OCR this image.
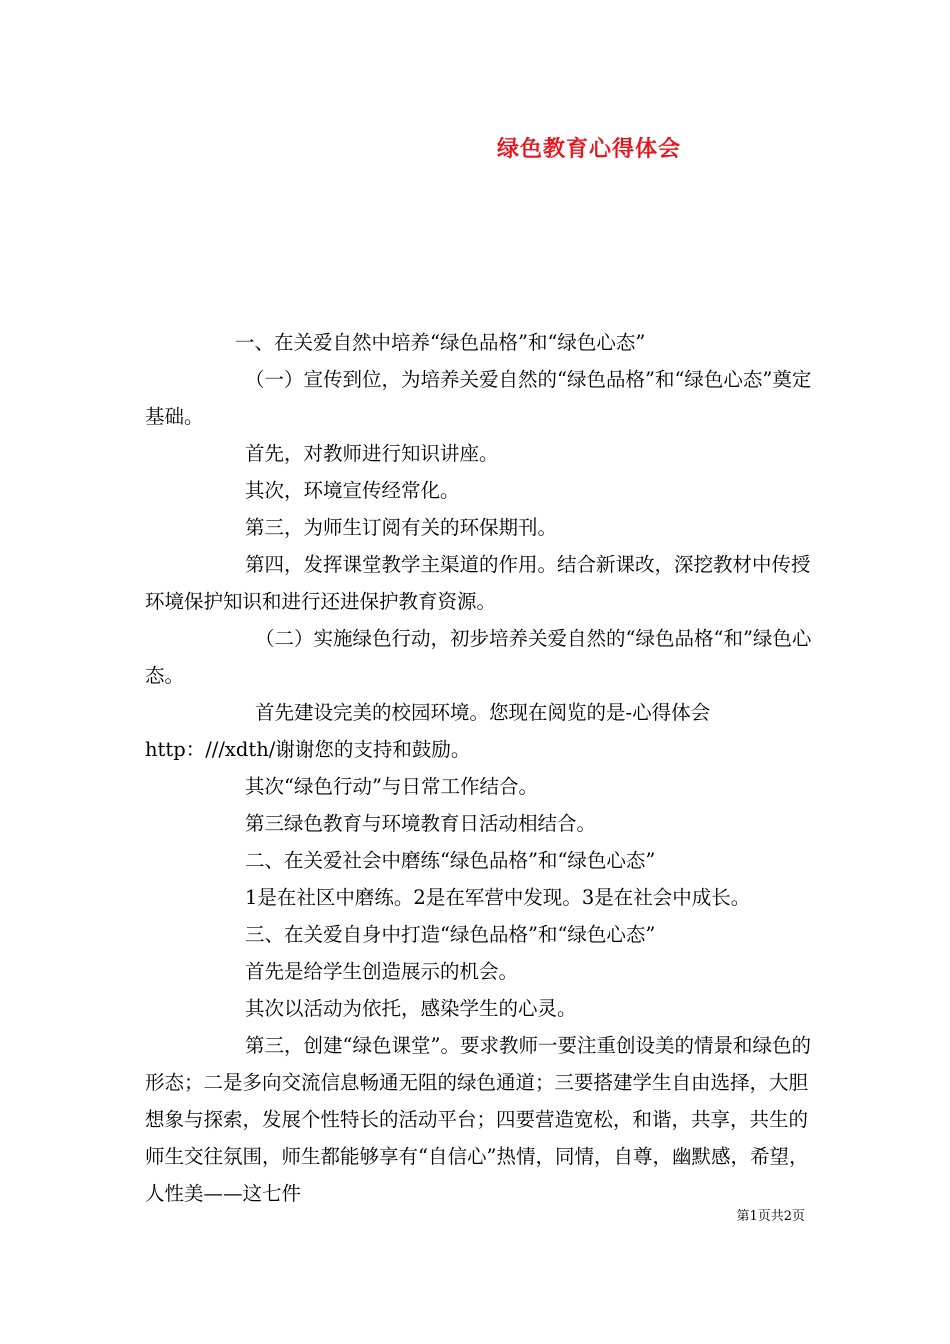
绿色教育心得体会

一、在关爱自然中培养“绿色品格”和“绿色心态”

（一）宣传到位，为培养关爱自然的“绿色品格”和“绿色心态”奠定基础。

首先，对教师进行知识讲座。

其次，环境宣传经常化。

第三，为师生订阅有关的环保期刊。

第四，发挥课堂教学主渠道的作用。结合新课改，深挖教材中传授环境保护知识和进行还进保护教育资源。

（二）实施绿色行动，初步培养关爱自然的“绿色品格“和”绿色心态。

首先建设完美的校园环境。您现在阅览的是-心得体会http：///xdth/谢谢您的支持和鼓励。

其次“绿色行动”与日常工作结合。

第三绿色教育与环境教育日活动相结合。

二、在关爱社会中磨练“绿色品格”和“绿色心态”

1是在社区中磨练。2是在军营中发现。3是在社会中成长。

三、在关爱自身中打造“绿色品格”和“绿色心态”

首先是给学生创造展示的机会。

其次以活动为依托，感染学生的心灵。

第三，创建“绿色课堂”。要求教师一要注重创设美的情景和绿色的形态；二是多向交流信息畅通无阻的绿色通道；三要搭建学生自由选择，大胆想象与探索，发展个性特长的活动平台；四要营造宽松，和谐，共享，共生的师生交往氛围，师生都能够享有“自信心”热情，同情，自尊，幽默感，希望，人性美——这七件

第1页共2页
